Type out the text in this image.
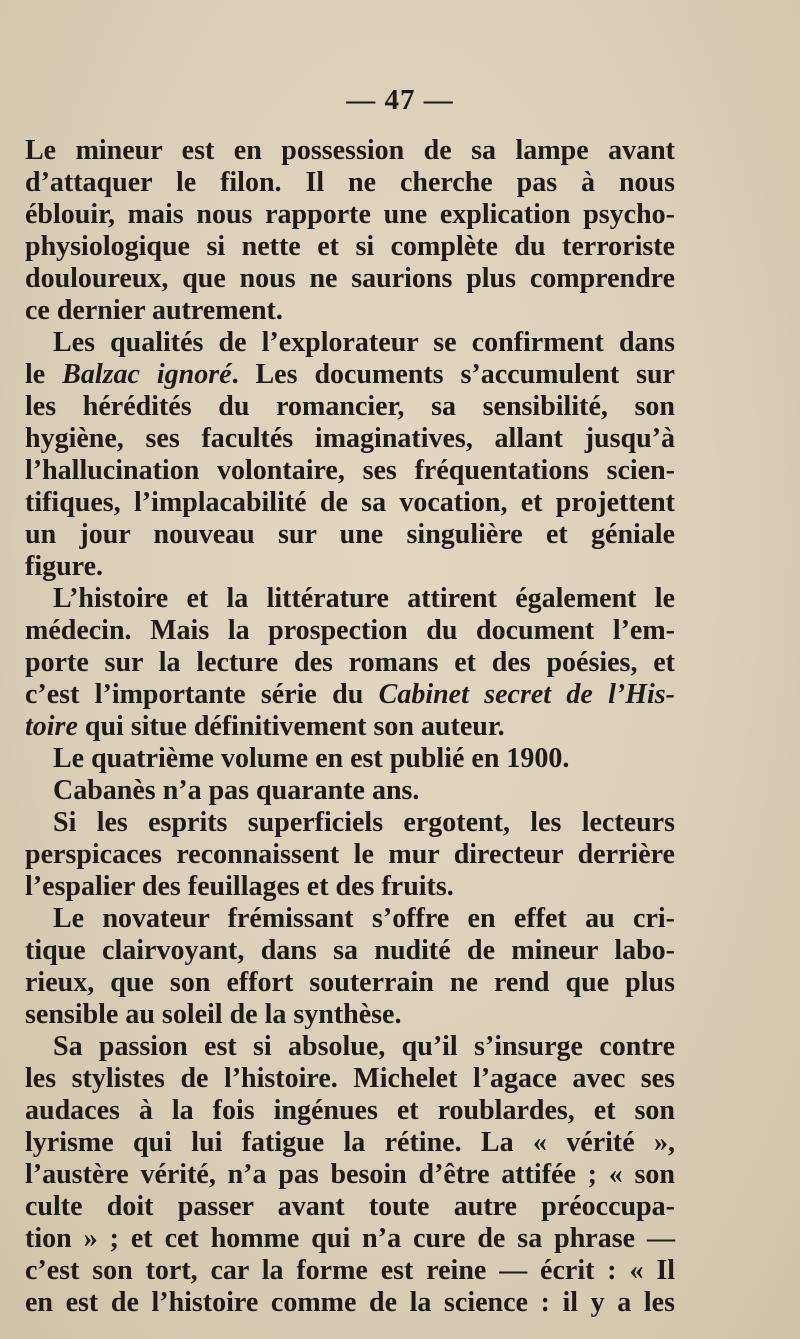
— 47 —
Le mineur est en possession de sa lampe avant
d’attaquer le filon. Il ne cherche pas à nous
éblouir, mais nous rapporte une explication psycho-
physiologique si nette et si complète du terroriste
douloureux, que nous ne saurions plus comprendre
ce dernier autrement.
Les qualités de l’explorateur se confirment dans
le Balzac ignoré. Les documents s’accumulent sur
les hérédités du romancier, sa sensibilité, son
hygiène, ses facultés imaginatives, allant jusqu’à
l’hallucination volontaire, ses fréquentations scien-
tifiques, l’implacabilité de sa vocation, et projettent
un jour nouveau sur une singulière et géniale
figure.
L’histoire et la littérature attirent également le
médecin. Mais la prospection du document l’em-
porte sur la lecture des romans et des poésies, et
c’est l’importante série du Cabinet secret de l’His-
toire qui situe définitivement son auteur.
Le quatrième volume en est publié en 1900.
Cabanès n’a pas quarante ans.
Si les esprits superficiels ergotent, les lecteurs
perspicaces reconnaissent le mur directeur derrière
l’espalier des feuillages et des fruits.
Le novateur frémissant s’offre en effet au cri-
tique clairvoyant, dans sa nudité de mineur labo-
rieux, que son effort souterrain ne rend que plus
sensible au soleil de la synthèse.
Sa passion est si absolue, qu’il s’insurge contre
les stylistes de l’histoire. Michelet l’agace avec ses
audaces à la fois ingénues et roublardes, et son
lyrisme qui lui fatigue la rétine. La « vérité »,
l’austère vérité, n’a pas besoin d’être attifée ; « son
culte doit passer avant toute autre préoccupa-
tion » ; et cet homme qui n’a cure de sa phrase —
c’est son tort, car la forme est reine — écrit : « Il
en est de l’histoire comme de la science : il y a les
